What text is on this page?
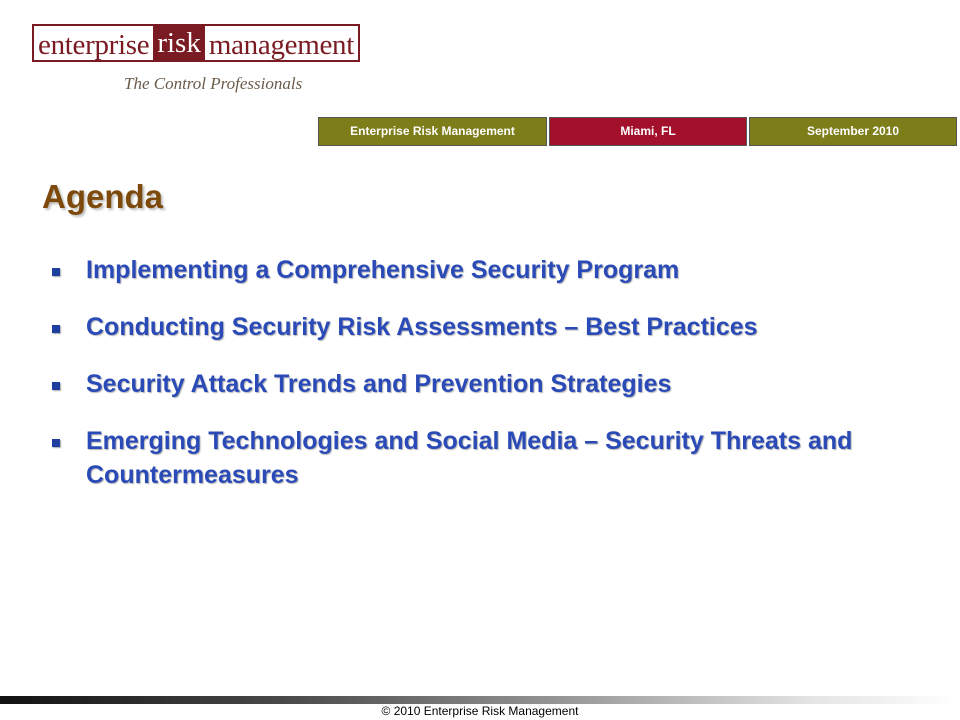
enterprise risk management
The Control Professionals
Enterprise Risk Management	Miami, FL	September 2010
Agenda
Implementing a Comprehensive Security Program
Conducting Security Risk Assessments – Best Practices
Security Attack Trends and Prevention Strategies
Emerging Technologies and Social Media – Security Threats and Countermeasures
© 2010 Enterprise Risk Management
